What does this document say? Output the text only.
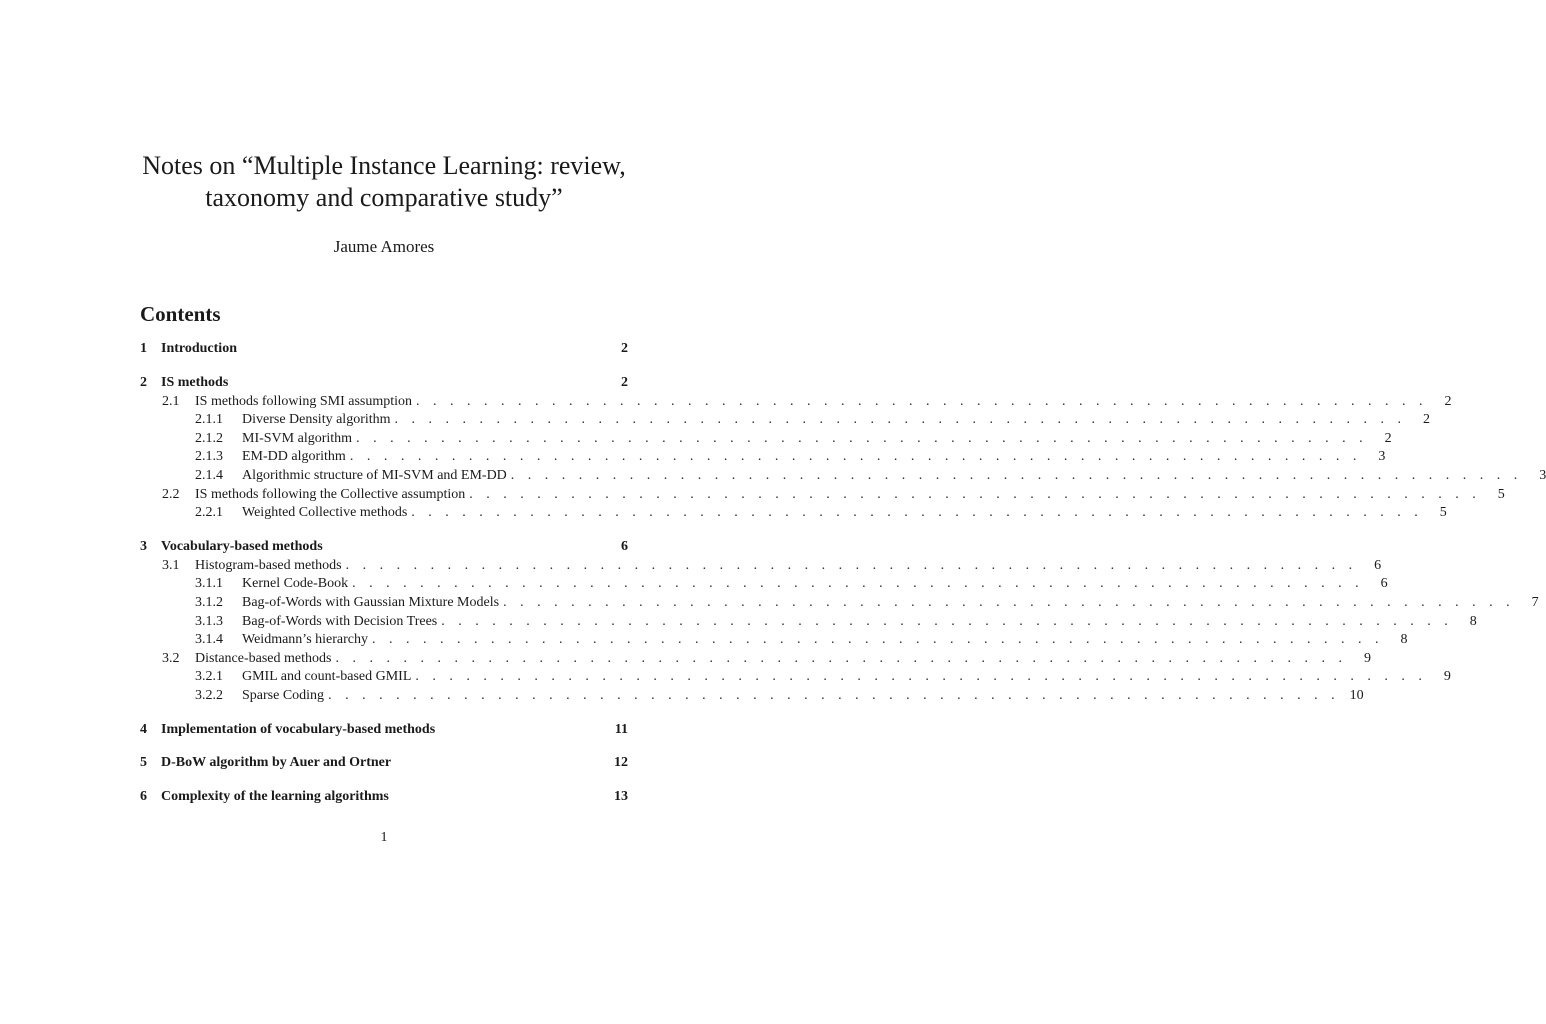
Notes on “Multiple Instance Learning: review,
taxonomy and comparative study”
Jaume Amores
Contents
1	Introduction	2
2	IS methods	2
2.1	IS methods following SMI assumption . . . . . . . . . . . . . . . . . . . . . . . . . . . . . . . . . . . . . . . . . . . . . . . . . . . . . . . . . . . .	2
2.1.1	Diverse Density algorithm . . . . . . . . . . . . . . . . . . . . . . . . . . . . . . . . . . . . . . . . . . . . . . . . . . . . . . . . . . . .	2
2.1.2	MI-SVM algorithm . . . . . . . . . . . . . . . . . . . . . . . . . . . . . . . . . . . . . . . . . . . . . . . . . . . . . . . . . . . .	2
2.1.3	EM-DD algorithm . . . . . . . . . . . . . . . . . . . . . . . . . . . . . . . . . . . . . . . . . . . . . . . . . . . . . . . . . . . .	3
2.1.4	Algorithmic structure of MI-SVM and EM-DD . . . . . . . . . . . . . . . . . . . . . . . . . . . . . . . . . . . . . . . . . . . . . . . . . . . . . . . . . . . .	3
2.2	IS methods following the Collective assumption . . . . . . . . . . . . . . . . . . . . . . . . . . . . . . . . . . . . . . . . . . . . . . . . . . . . . . . . . . . .	5
2.2.1	Weighted Collective methods . . . . . . . . . . . . . . . . . . . . . . . . . . . . . . . . . . . . . . . . . . . . . . . . . . . . . . . . . . . .	5
3	Vocabulary-based methods	6
3.1	Histogram-based methods . . . . . . . . . . . . . . . . . . . . . . . . . . . . . . . . . . . . . . . . . . . . . . . . . . . . . . . . . . . .	6
3.1.1	Kernel Code-Book . . . . . . . . . . . . . . . . . . . . . . . . . . . . . . . . . . . . . . . . . . . . . . . . . . . . . . . . . . . .	6
3.1.2	Bag-of-Words with Gaussian Mixture Models . . . . . . . . . . . . . . . . . . . . . . . . . . . . . . . . . . . . . . . . . . . . . . . . . . . . . . . . . . . .	7
3.1.3	Bag-of-Words with Decision Trees . . . . . . . . . . . . . . . . . . . . . . . . . . . . . . . . . . . . . . . . . . . . . . . . . . . . . . . . . . . .	8
3.1.4	Weidmann’s hierarchy . . . . . . . . . . . . . . . . . . . . . . . . . . . . . . . . . . . . . . . . . . . . . . . . . . . . . . . . . . . .	8
3.2	Distance-based methods . . . . . . . . . . . . . . . . . . . . . . . . . . . . . . . . . . . . . . . . . . . . . . . . . . . . . . . . . . . .	9
3.2.1	GMIL and count-based GMIL . . . . . . . . . . . . . . . . . . . . . . . . . . . . . . . . . . . . . . . . . . . . . . . . . . . . . . . . . . . .	9
3.2.2	Sparse Coding . . . . . . . . . . . . . . . . . . . . . . . . . . . . . . . . . . . . . . . . . . . . . . . . . . . . . . . . . . . . 10
4	Implementation of vocabulary-based methods	11
5	D-BoW algorithm by Auer and Ortner	12
6	Complexity of the learning algorithms	13
1
